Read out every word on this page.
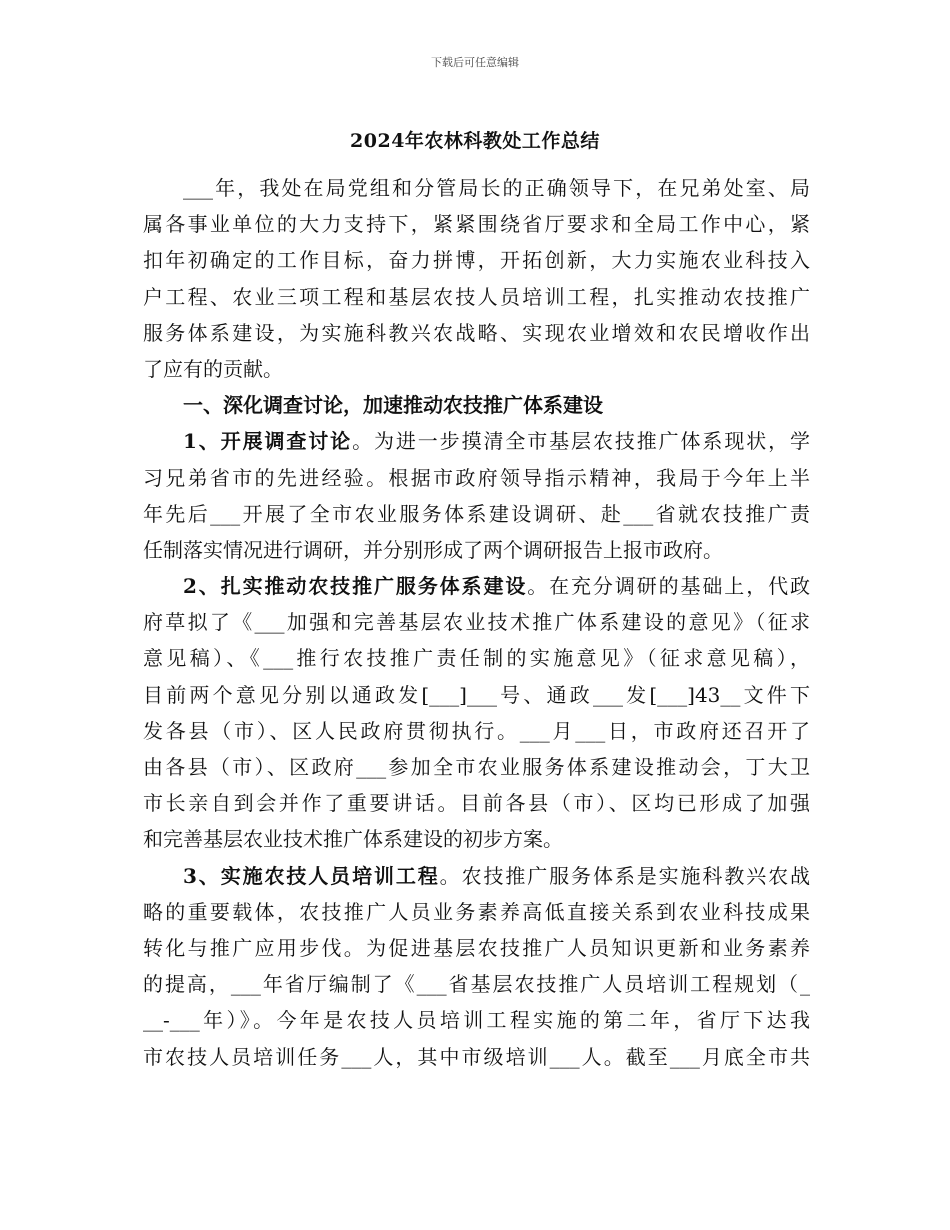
下载后可任意编辑
2024年农林科教处工作总结
___年，我处在局党组和分管局长的正确领导下，在兄弟处室、局
属各事业单位的大力支持下，紧紧围绕省厅要求和全局工作中心，紧
扣年初确定的工作目标，奋力拼博，开拓创新，大力实施农业科技入
户工程、农业三项工程和基层农技人员培训工程，扎实推动农技推广
服务体系建设，为实施科教兴农战略、实现农业增效和农民增收作出
了应有的贡献。
一、深化调查讨论，加速推动农技推广体系建设
1、开展调查讨论。为进一步摸清全市基层农技推广体系现状，学
习兄弟省市的先进经验。根据市政府领导指示精神，我局于今年上半
年先后___开展了全市农业服务体系建设调研、赴___省就农技推广责
任制落实情况进行调研，并分别形成了两个调研报告上报市政府。
2、扎实推动农技推广服务体系建设。在充分调研的基础上，代政
府草拟了《___加强和完善基层农业技术推广体系建设的意见》（征求
意见稿）、《___推行农技推广责任制的实施意见》（征求意见稿），
目前两个意见分别以通政发[___]___号、通政___发[___]43__文件下
发各县（市）、区人民政府贯彻执行。___月___日，市政府还召开了
由各县（市）、区政府___参加全市农业服务体系建设推动会，丁大卫
市长亲自到会并作了重要讲话。目前各县（市）、区均已形成了加强
和完善基层农业技术推广体系建设的初步方案。
3、实施农技人员培训工程。农技推广服务体系是实施科教兴农战
略的重要载体，农技推广人员业务素养高低直接关系到农业科技成果
转化与推广应用步伐。为促进基层农技推广人员知识更新和业务素养
的提高，___年省厅编制了《___省基层农技推广人员培训工程规划（_
__-___年）》。今年是农技人员培训工程实施的第二年，省厅下达我
市农技人员培训任务___人，其中市级培训___人。截至___月底全市共
